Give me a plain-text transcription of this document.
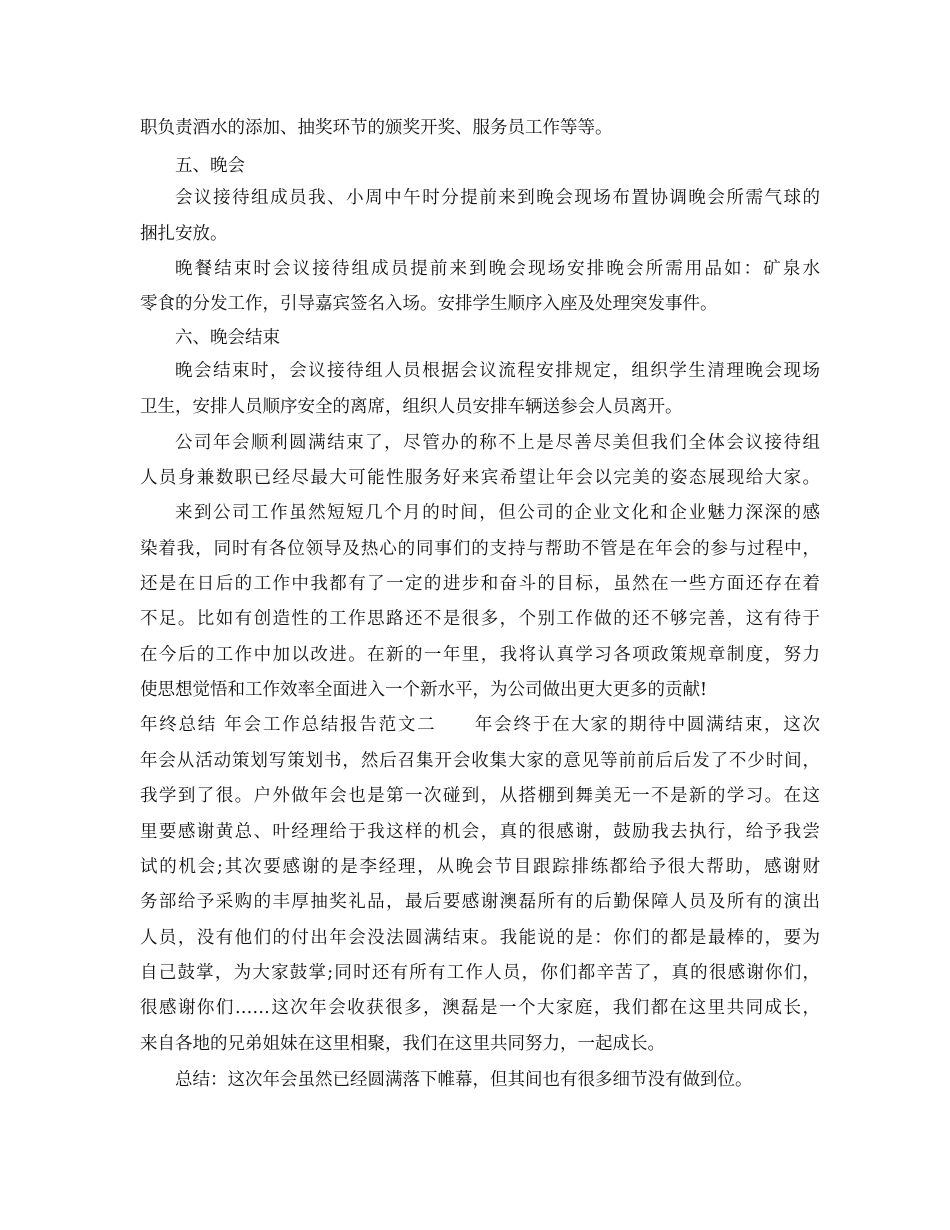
职负责酒水的添加、抽奖环节的颁奖开奖、服务员工作等等。
五、晚会
会议接待组成员我、小周中午时分提前来到晚会现场布置协调晚会所需气球的
捆扎安放。
晚餐结束时会议接待组成员提前来到晚会现场安排晚会所需用品如：矿泉水
零食的分发工作，引导嘉宾签名入场。安排学生顺序入座及处理突发事件。
六、晚会结束
晚会结束时，会议接待组人员根据会议流程安排规定，组织学生清理晚会现场
卫生，安排人员顺序安全的离席，组织人员安排车辆送参会人员离开。
公司年会顺利圆满结束了，尽管办的称不上是尽善尽美但我们全体会议接待组
人员身兼数职已经尽最大可能性服务好来宾希望让年会以完美的姿态展现给大家。
来到公司工作虽然短短几个月的时间，但公司的企业文化和企业魅力深深的感
染着我，同时有各位领导及热心的同事们的支持与帮助不管是在年会的参与过程中，
还是在日后的工作中我都有了一定的进步和奋斗的目标，虽然在一些方面还存在着
不足。比如有创造性的工作思路还不是很多，个别工作做的还不够完善，这有待于
在今后的工作中加以改进。在新的一年里，我将认真学习各项政策规章制度，努力
使思想觉悟和工作效率全面进入一个新水平，为公司做出更大更多的贡献!
年终总结 年会工作总结报告范文二　　年会终于在大家的期待中圆满结束，这次
年会从活动策划写策划书，然后召集开会收集大家的意见等前前后后发了不少时间，
我学到了很。户外做年会也是第一次碰到，从搭棚到舞美无一不是新的学习。在这
里要感谢黄总、叶经理给于我这样的机会，真的很感谢，鼓励我去执行，给予我尝
试的机会;其次要感谢的是李经理，从晚会节目跟踪排练都给予很大帮助，感谢财
务部给予采购的丰厚抽奖礼品，最后要感谢澳磊所有的后勤保障人员及所有的演出
人员，没有他们的付出年会没法圆满结束。我能说的是：你们的都是最棒的，要为
自己鼓掌，为大家鼓掌;同时还有所有工作人员，你们都辛苦了，真的很感谢你们，
很感谢你们……这次年会收获很多，澳磊是一个大家庭，我们都在这里共同成长，
来自各地的兄弟姐妹在这里相聚，我们在这里共同努力，一起成长。
总结：这次年会虽然已经圆满落下帷幕，但其间也有很多细节没有做到位。
